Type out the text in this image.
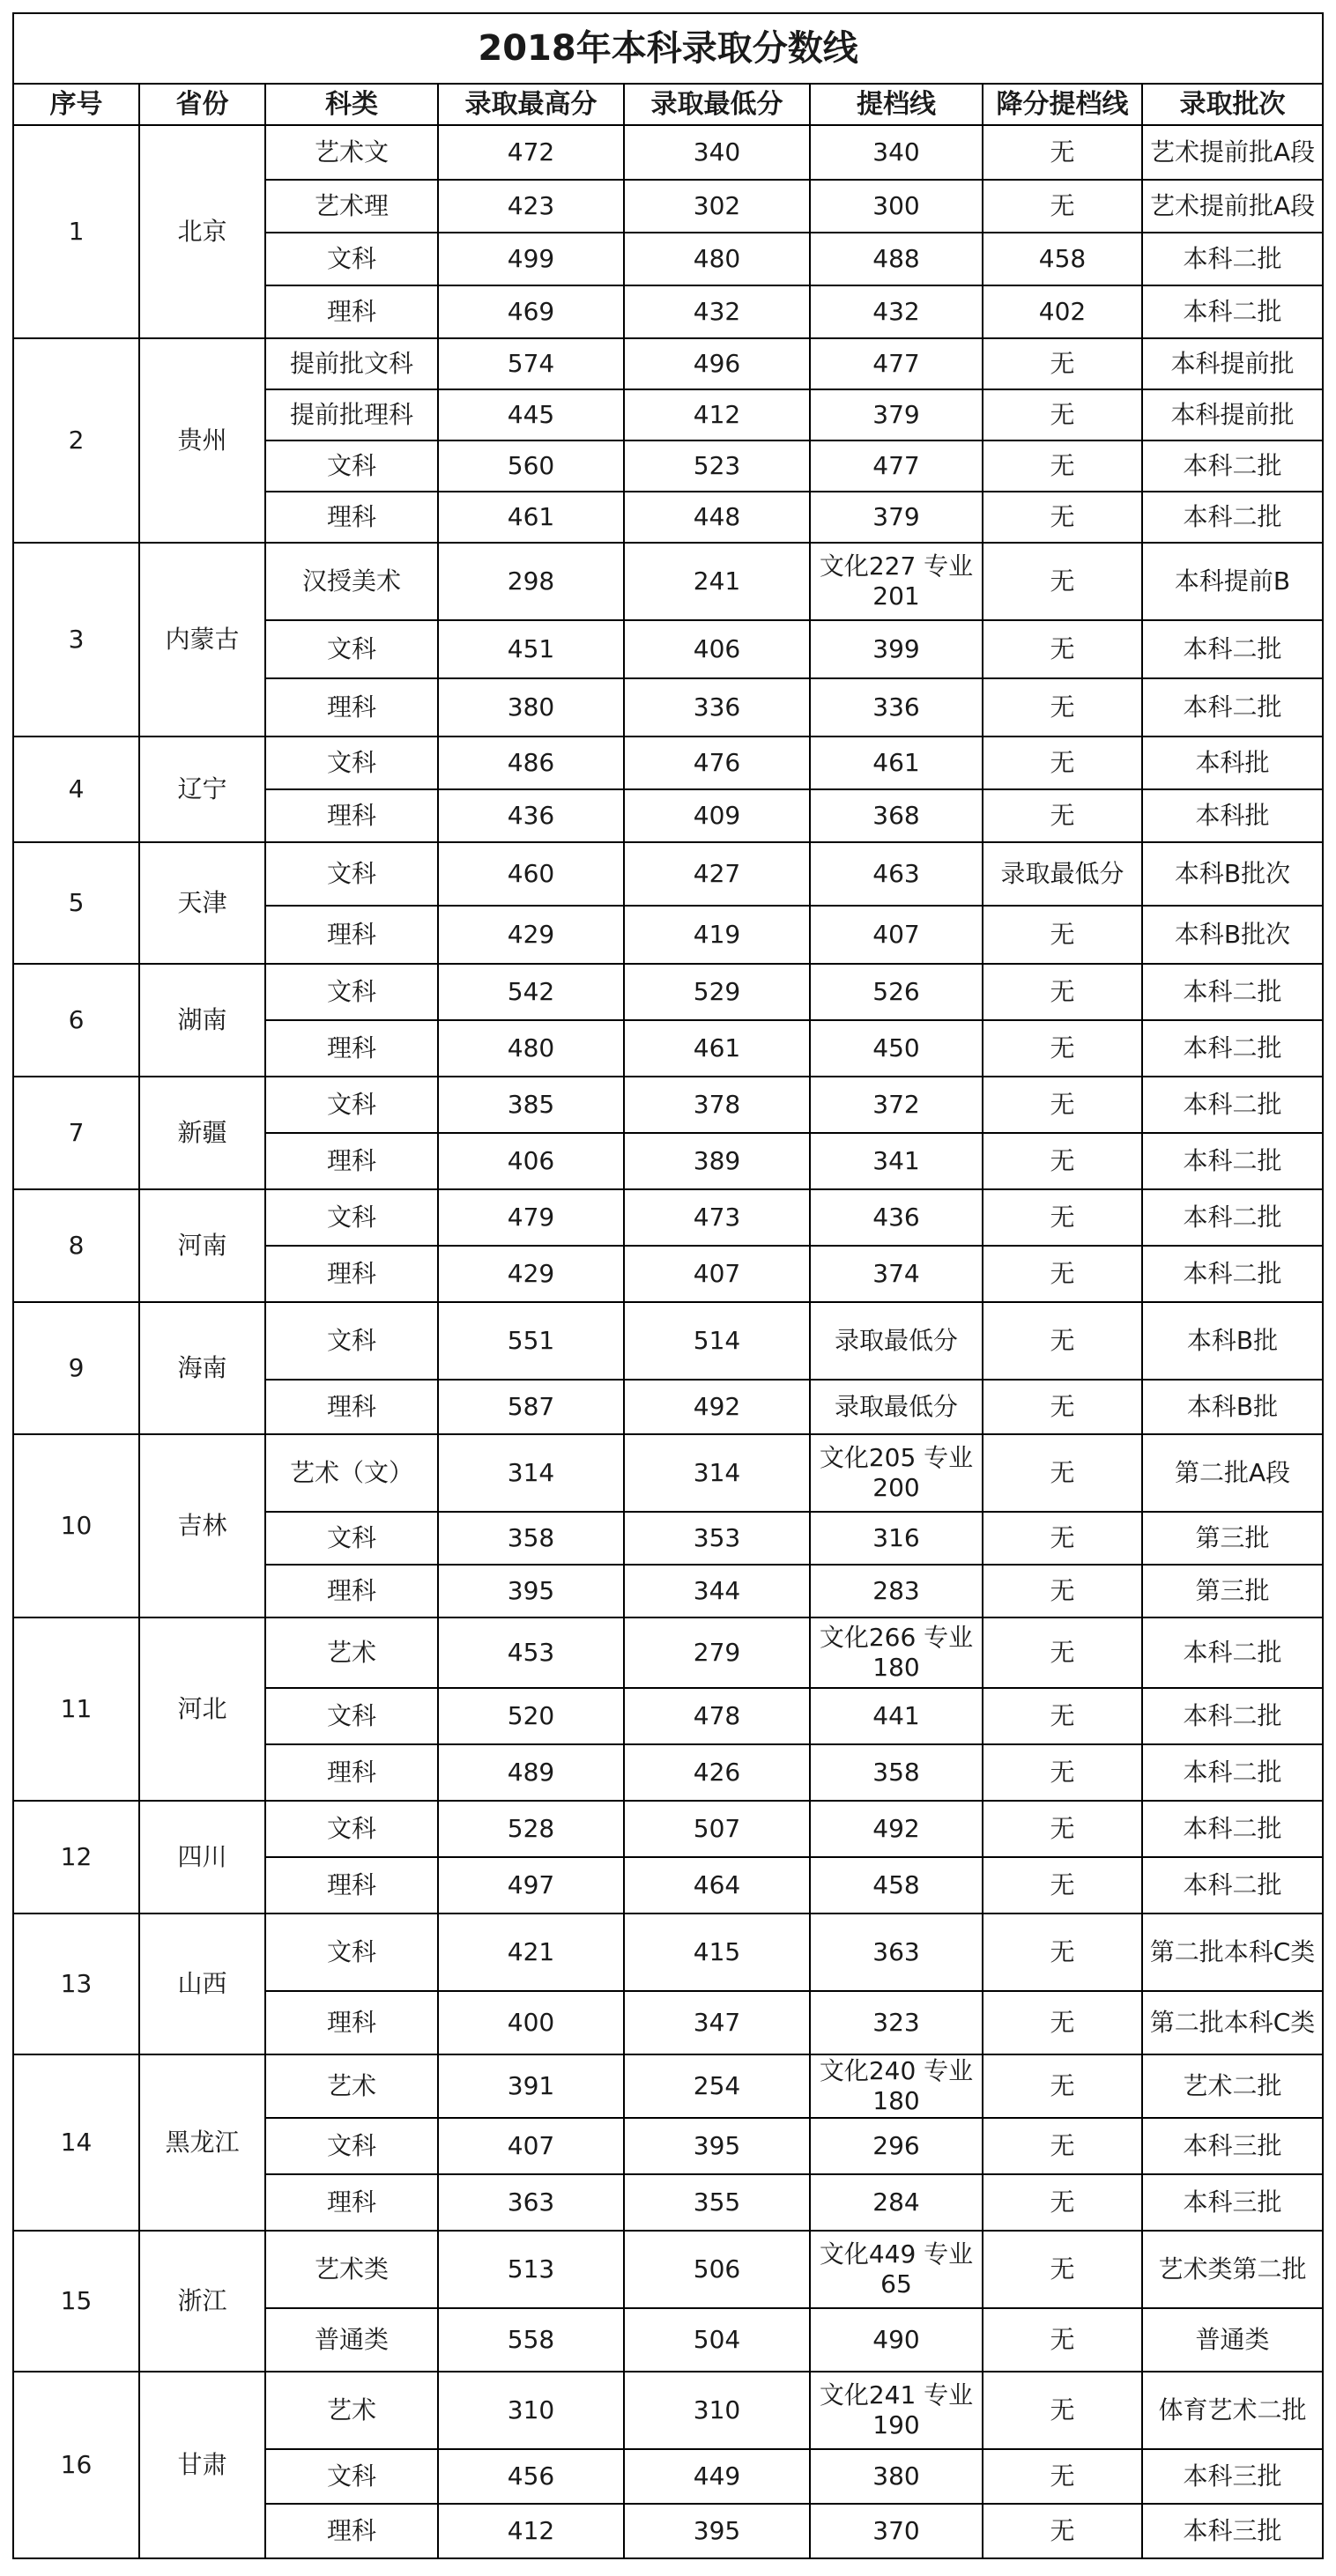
2018年本科录取分数线							
序号	省份	科类	录取最高分	录取最低分	提档线	降分提档线	录取批次
1	北京	艺术文	472	340	340	无	艺术提前批A段
		艺术理	423	302	300	无	艺术提前批A段
		文科	499	480	488	458	本科二批
		理科	469	432	432	402	本科二批
2	贵州	提前批文科	574	496	477	无	本科提前批
		提前批理科	445	412	379	无	本科提前批
		文科	560	523	477	无	本科二批
		理科	461	448	379	无	本科二批
3	内蒙古	汉授美术	298	241	文化227 专业201	无	本科提前B
		文科	451	406	399	无	本科二批
		理科	380	336	336	无	本科二批
4	辽宁	文科	486	476	461	无	本科批
		理科	436	409	368	无	本科批
5	天津	文科	460	427	463	录取最低分	本科B批次
		理科	429	419	407	无	本科B批次
6	湖南	文科	542	529	526	无	本科二批
		理科	480	461	450	无	本科二批
7	新疆	文科	385	378	372	无	本科二批
		理科	406	389	341	无	本科二批
8	河南	文科	479	473	436	无	本科二批
		理科	429	407	374	无	本科二批
9	海南	文科	551	514	录取最低分	无	本科B批
		理科	587	492	录取最低分	无	本科B批
10	吉林	艺术（文）	314	314	文化205 专业200	无	第二批A段
		文科	358	353	316	无	第三批
		理科	395	344	283	无	第三批
11	河北	艺术	453	279	文化266 专业180	无	本科二批
		文科	520	478	441	无	本科二批
		理科	489	426	358	无	本科二批
12	四川	文科	528	507	492	无	本科二批
		理科	497	464	458	无	本科二批
13	山西	文科	421	415	363	无	第二批本科C类
		理科	400	347	323	无	第二批本科C类
14	黑龙江	艺术	391	254	文化240 专业180	无	艺术二批
		文科	407	395	296	无	本科三批
		理科	363	355	284	无	本科三批
15	浙江	艺术类	513	506	文化449 专业65	无	艺术类第二批
		普通类	558	504	490	无	普通类
16	甘肃	艺术	310	310	文化241 专业190	无	体育艺术二批
		文科	456	449	380	无	本科三批
		理科	412	395	370	无	本科三批
